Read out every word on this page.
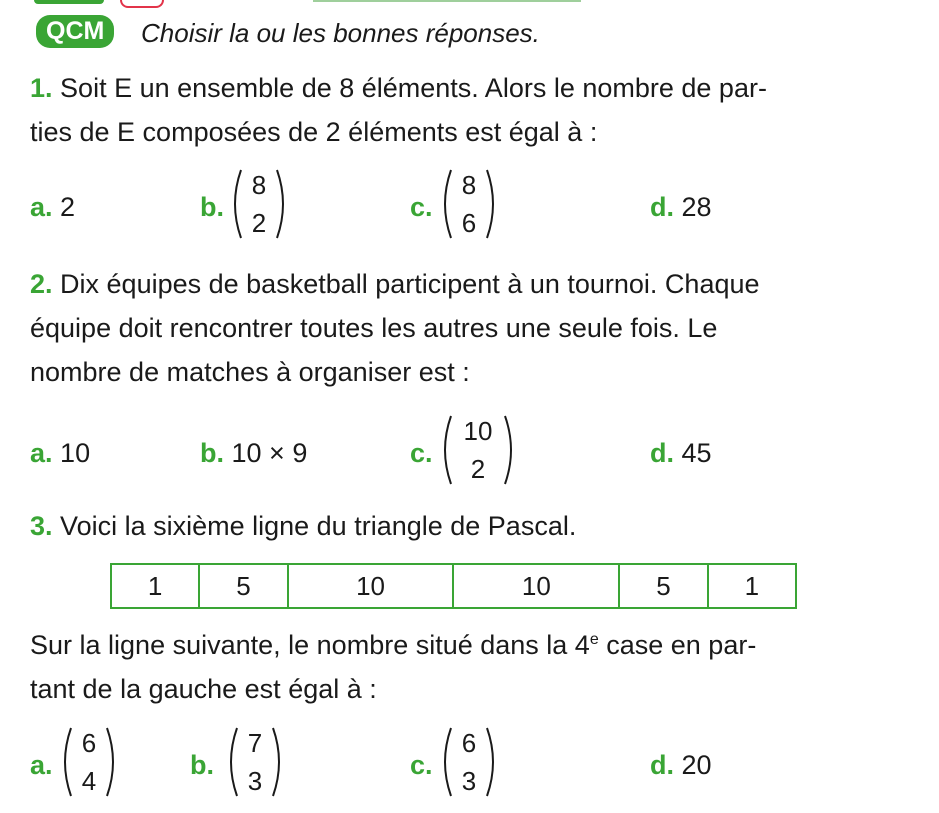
QCM	Choisir la ou les bonnes réponses.
1. Soit E un ensemble de 8 éléments. Alors le nombre de par-
ties de E composées de 2 éléments est égal à :
a. 2	b.
8
2
c.
8
6
d. 28
2. Dix équipes de basketball participent à un tournoi. Chaque
équipe doit rencontrer toutes les autres une seule fois. Le
nombre de matches à organiser est :
a. 10	b. 10 × 9	c.
10
2
d. 45
3. Voici la sixième ligne du triangle de Pascal.
1	5	10	10	5	1
Sur la ligne suivante, le nombre situé dans la 4e case en par-
tant de la gauche est égal à :
a.
6
4
b.
7
3
c.
6
3
d. 20
